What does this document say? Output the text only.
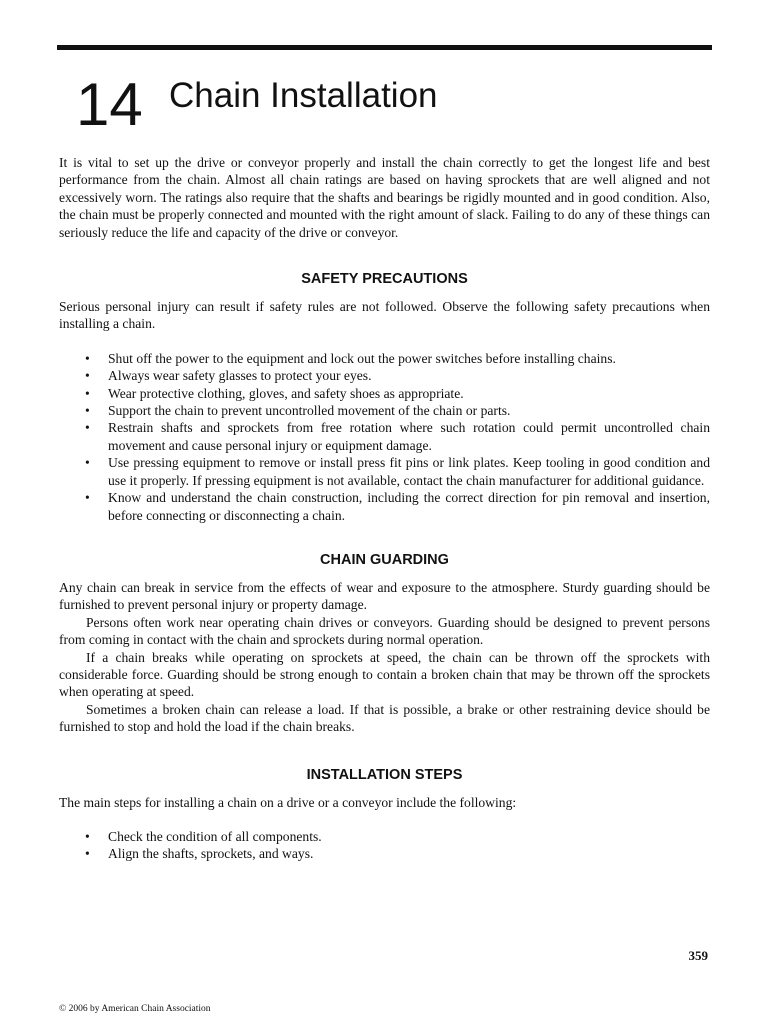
14 Chain Installation

It is vital to set up the drive or conveyor properly and install the chain correctly to get the longest life and best performance from the chain. Almost all chain ratings are based on having sprockets that are well aligned and not excessively worn. The ratings also require that the shafts and bearings be rigidly mounted and in good condition. Also, the chain must be properly connected and mounted with the right amount of slack. Failing to do any of these things can seriously reduce the life and capacity of the drive or conveyor.

SAFETY PRECAUTIONS

Serious personal injury can result if safety rules are not followed. Observe the following safety precautions when installing a chain.

• Shut off the power to the equipment and lock out the power switches before installing chains.
• Always wear safety glasses to protect your eyes.
• Wear protective clothing, gloves, and safety shoes as appropriate.
• Support the chain to prevent uncontrolled movement of the chain or parts.
• Restrain shafts and sprockets from free rotation where such rotation could permit uncontrolled chain movement and cause personal injury or equipment damage.
• Use pressing equipment to remove or install press fit pins or link plates. Keep tooling in good condition and use it properly. If pressing equipment is not available, contact the chain manufacturer for additional guidance.
• Know and understand the chain construction, including the correct direction for pin removal and insertion, before connecting or disconnecting a chain.
CHAIN GUARDING

Any chain can break in service from the effects of wear and exposure to the atmosphere. Sturdy guarding should be furnished to prevent personal injury or property damage.

Persons often work near operating chain drives or conveyors. Guarding should be designed to prevent persons from coming in contact with the chain and sprockets during normal operation.

If a chain breaks while operating on sprockets at speed, the chain can be thrown off the sprockets with considerable force. Guarding should be strong enough to contain a broken chain that may be thrown off the sprockets when operating at speed.

Sometimes a broken chain can release a load. If that is possible, a brake or other restraining device should be furnished to stop and hold the load if the chain breaks.

INSTALLATION STEPS

The main steps for installing a chain on a drive or a conveyor include the following:

• Check the condition of all components.
• Align the shafts, sprockets, and ways.
359
© 2006 by American Chain Association
